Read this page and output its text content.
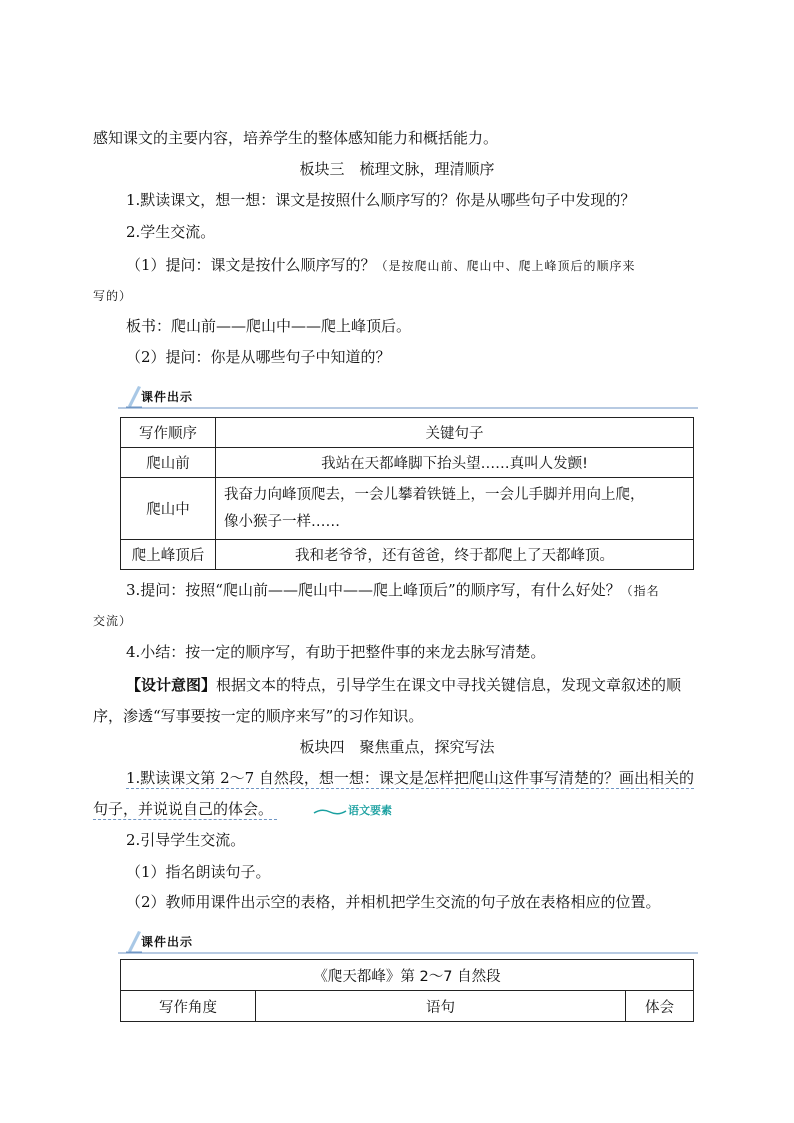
感知课文的主要内容，培养学生的整体感知能力和概括能力。
板块三　梳理文脉，理清顺序
1.默读课文，想一想：课文是按照什么顺序写的？你是从哪些句子中发现的？
2.学生交流。
（1）提问：课文是按什么顺序写的？（是按爬山前、爬山中、爬上峰顶后的顺序来
写的）
板书：爬山前——爬山中——爬上峰顶后。
（2）提问：你是从哪些句子中知道的？
课件出示
写作顺序	关键句子
爬山前	我站在天都峰脚下抬头望……真叫人发颤!
爬山中	我奋力向峰顶爬去，一会儿攀着铁链上，一会儿手脚并用向上爬，
像小猴子一样……

爬上峰顶后	我和老爷爷，还有爸爸，终于都爬上了天都峰顶。
3.提问：按照“爬山前——爬山中——爬上峰顶后”的顺序写，有什么好处？（指名
交流）
4.小结：按一定的顺序写，有助于把整件事的来龙去脉写清楚。
【设计意图】根据文本的特点，引导学生在课文中寻找关键信息，发现文章叙述的顺
序，渗透“写事要按一定的顺序来写”的习作知识。
板块四　聚焦重点，探究写法
1.默读课文第 2～7 自然段，想一想：课文是怎样把爬山这件事写清楚的？画出相关的
句子，并说说自己的体会。	语文要素
2.引导学生交流。
（1）指名朗读句子。
（2）教师用课件出示空的表格，并相机把学生交流的句子放在表格相应的位置。
课件出示
《爬天都峰》第 2～7 自然段
写作角度	语句	体会
